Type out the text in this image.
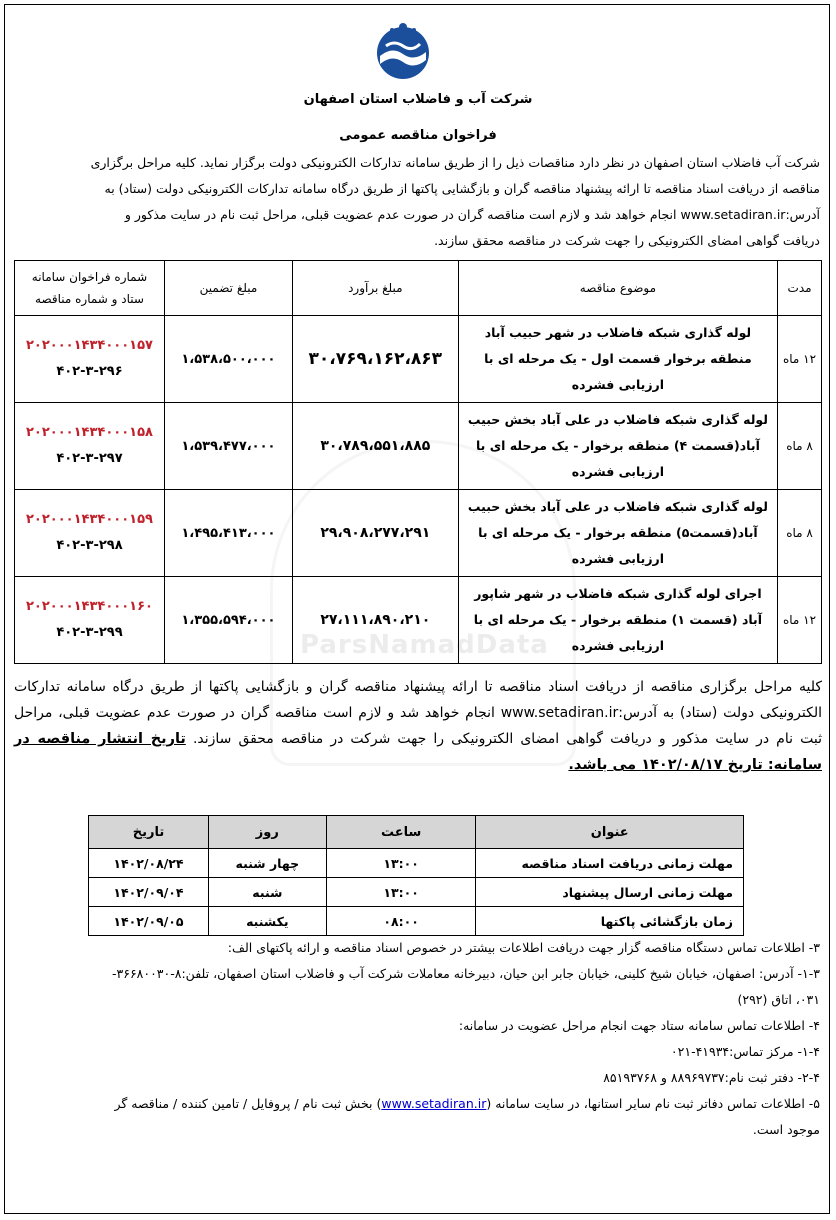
ParsNamadData
شرکت آب و فاضلاب استان اصفهان
فراخوان مناقصه عمومی

شرکت آب فاضلاب استان اصفهان در نظر دارد مناقصات ذیل را از طریق سامانه تدارکات الکترونیکی دولت برگزار نماید. کلیه مراحل برگزاری

مناقصه از دریافت اسناد مناقصه تا ارائه پیشنهاد مناقصه گران و بازگشایی پاکتها از طریق درگاه سامانه تدارکات الکترونیکی دولت (ستاد) به

آدرس:www.setadiran.ir انجام خواهد شد و لازم است مناقصه گران در صورت عدم عضویت قبلی، مراحل ثبت نام در سایت مذکور و

دریافت گواهی امضای الکترونیکی را جهت شرکت در مناقصه محقق سازند.

مدت	موضوع مناقصه	مبلغ برآورد	مبلغ تضمین	شماره فراخوان سامانه
ستاد و شماره مناقصه
۱۲ ماه	لوله گذاری شبکه فاضلاب در شهر حبیب آباد منطقه برخوار قسمت اول - یک مرحله ای با ارزیابی فشرده	۳۰،۷۶۹،۱۶۲،۸۶۳	۱،۵۳۸،۵۰۰،۰۰۰	۲۰۲۰۰۰۱۴۳۴۰۰۰۱۵۷
۴۰۲-۳-۲۹۶
۸ ماه	لوله گذاری شبکه فاضلاب در علی آباد بخش حبیب آباد(قسمت ۴) منطقه برخوار - یک مرحله ای با ارزیابی فشرده	۳۰،۷۸۹،۵۵۱،۸۸۵	۱،۵۳۹،۴۷۷،۰۰۰	۲۰۲۰۰۰۱۴۳۴۰۰۰۱۵۸
۴۰۲-۳-۲۹۷
۸ ماه	لوله گذاری شبکه فاضلاب در علی آباد بخش حبیب آباد(قسمت۵) منطقه برخوار - یک مرحله ای با ارزیابی فشرده	۲۹،۹۰۸،۲۷۷،۲۹۱	۱،۴۹۵،۴۱۳،۰۰۰	۲۰۲۰۰۰۱۴۳۴۰۰۰۱۵۹
۴۰۲-۳-۲۹۸
۱۲ ماه	اجرای لوله گذاری شبکه فاضلاب در شهر شاپور آباد (قسمت ۱) منطقه برخوار - یک مرحله ای با ارزیابی فشرده	۲۷،۱۱۱،۸۹۰،۲۱۰	۱،۳۵۵،۵۹۴،۰۰۰	۲۰۲۰۰۰۱۴۳۴۰۰۰۱۶۰
۴۰۲-۳-۲۹۹
کلیه مراحل برگزاری مناقصه از دریافت اسناد مناقصه تا ارائه پیشنهاد مناقصه گران و بازگشایی پاکتها از طریق درگاه سامانه تدارکات الکترونیکی دولت (ستاد) به آدرس:www.setadiran.ir انجام خواهد شد و لازم است مناقصه گران در صورت عدم عضویت قبلی، مراحل ثبت نام در سایت مذکور و دریافت گواهی امضای الکترونیکی را جهت شرکت در مناقصه محقق سازند. تاریخ انتشار مناقصه در سامانه: تاریخ ۱۴۰۲/۰۸/۱۷ می باشد.
عنوان	ساعت	روز	تاریخ
مهلت زمانی دریافت اسناد مناقصه	۱۳:۰۰	چهار شنبه	۱۴۰۲/۰۸/۲۴
مهلت زمانی ارسال پیشنهاد	۱۳:۰۰	شنبه	۱۴۰۲/۰۹/۰۴
زمان بازگشائی پاکتها	۰۸:۰۰	یکشنبه	۱۴۰۲/۰۹/۰۵

۳- اطلاعات تماس دستگاه مناقصه گزار جهت دریافت اطلاعات بیشتر در خصوص اسناد مناقصه و ارائه پاکتهای الف:

۱-۳- آدرس: اصفهان، خیابان شیخ کلینی، خیابان جابر ابن حیان، دبیرخانه معاملات شرکت آب و فاضلاب استان اصفهان، تلفن:۸-۳۶۶۸۰۰۳۰-

۰۳۱، اتاق (۲۹۲)

۴- اطلاعات تماس سامانه ستاد جهت انجام مراحل عضویت در سامانه:

۱-۴- مرکز تماس:۴۱۹۳۴-۰۲۱

۲-۴- دفتر ثبت نام:۸۸۹۶۹۷۳۷ و ۸۵۱۹۳۷۶۸

۵- اطلاعات تماس دفاتر ثبت نام سایر استانها، در سایت سامانه (www.setadiran.ir) بخش ثبت نام / پروفایل / تامین کننده / مناقصه گر

موجود است.
